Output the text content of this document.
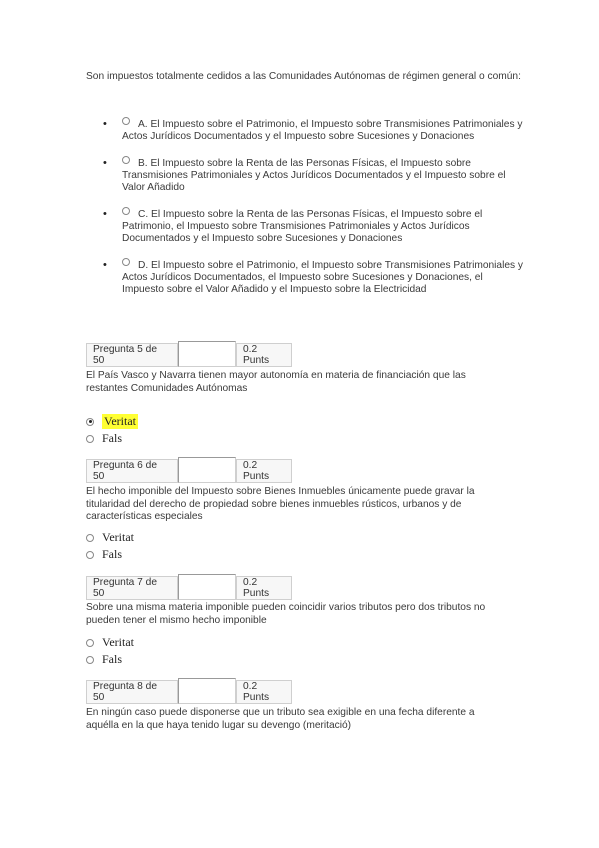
Son impuestos totalmente cedidos a las Comunidades Autónomas de régimen general o común:
•	A. El Impuesto sobre el Patrimonio, el Impuesto sobre Transmisiones Patrimoniales y Actos Jurídicos Documentados y el Impuesto sobre Sucesiones y Donaciones
•	B. El Impuesto sobre la Renta de las Personas Físicas, el Impuesto sobre Transmisiones Patrimoniales y Actos Jurídicos Documentados y el Impuesto sobre el Valor Añadido
•	C. El Impuesto sobre la Renta de las Personas Físicas, el Impuesto sobre el Patrimonio, el Impuesto sobre Transmisiones Patrimoniales y Actos Jurídicos Documentados y el Impuesto sobre Sucesiones y Donaciones
•	D. El Impuesto sobre el Patrimonio, el Impuesto sobre Transmisiones Patrimoniales y Actos Jurídicos Documentados, el Impuesto sobre Sucesiones y Donaciones, el Impuesto sobre el Valor Añadido y el Impuesto sobre la Electricidad
Pregunta 5 de 50
0.2 Punts
El País Vasco y Navarra tienen mayor autonomía en materia de financiación que las restantes Comunidades Autónomas
Veritat
Fals
Pregunta 6 de 50
0.2 Punts
El hecho imponible del Impuesto sobre Bienes Inmuebles únicamente puede gravar la titularidad del derecho de propiedad sobre bienes inmuebles rústicos, urbanos y de características especiales
Veritat
Fals
Pregunta 7 de 50
0.2 Punts
Sobre una misma materia imponible pueden coincidir varios tributos pero dos tributos no pueden tener el mismo hecho imponible
Veritat
Fals
Pregunta 8 de 50
0.2 Punts
En ningún caso puede disponerse que un tributo sea exigible en una fecha diferente a aquélla en la que haya tenido lugar su devengo (meritació)
